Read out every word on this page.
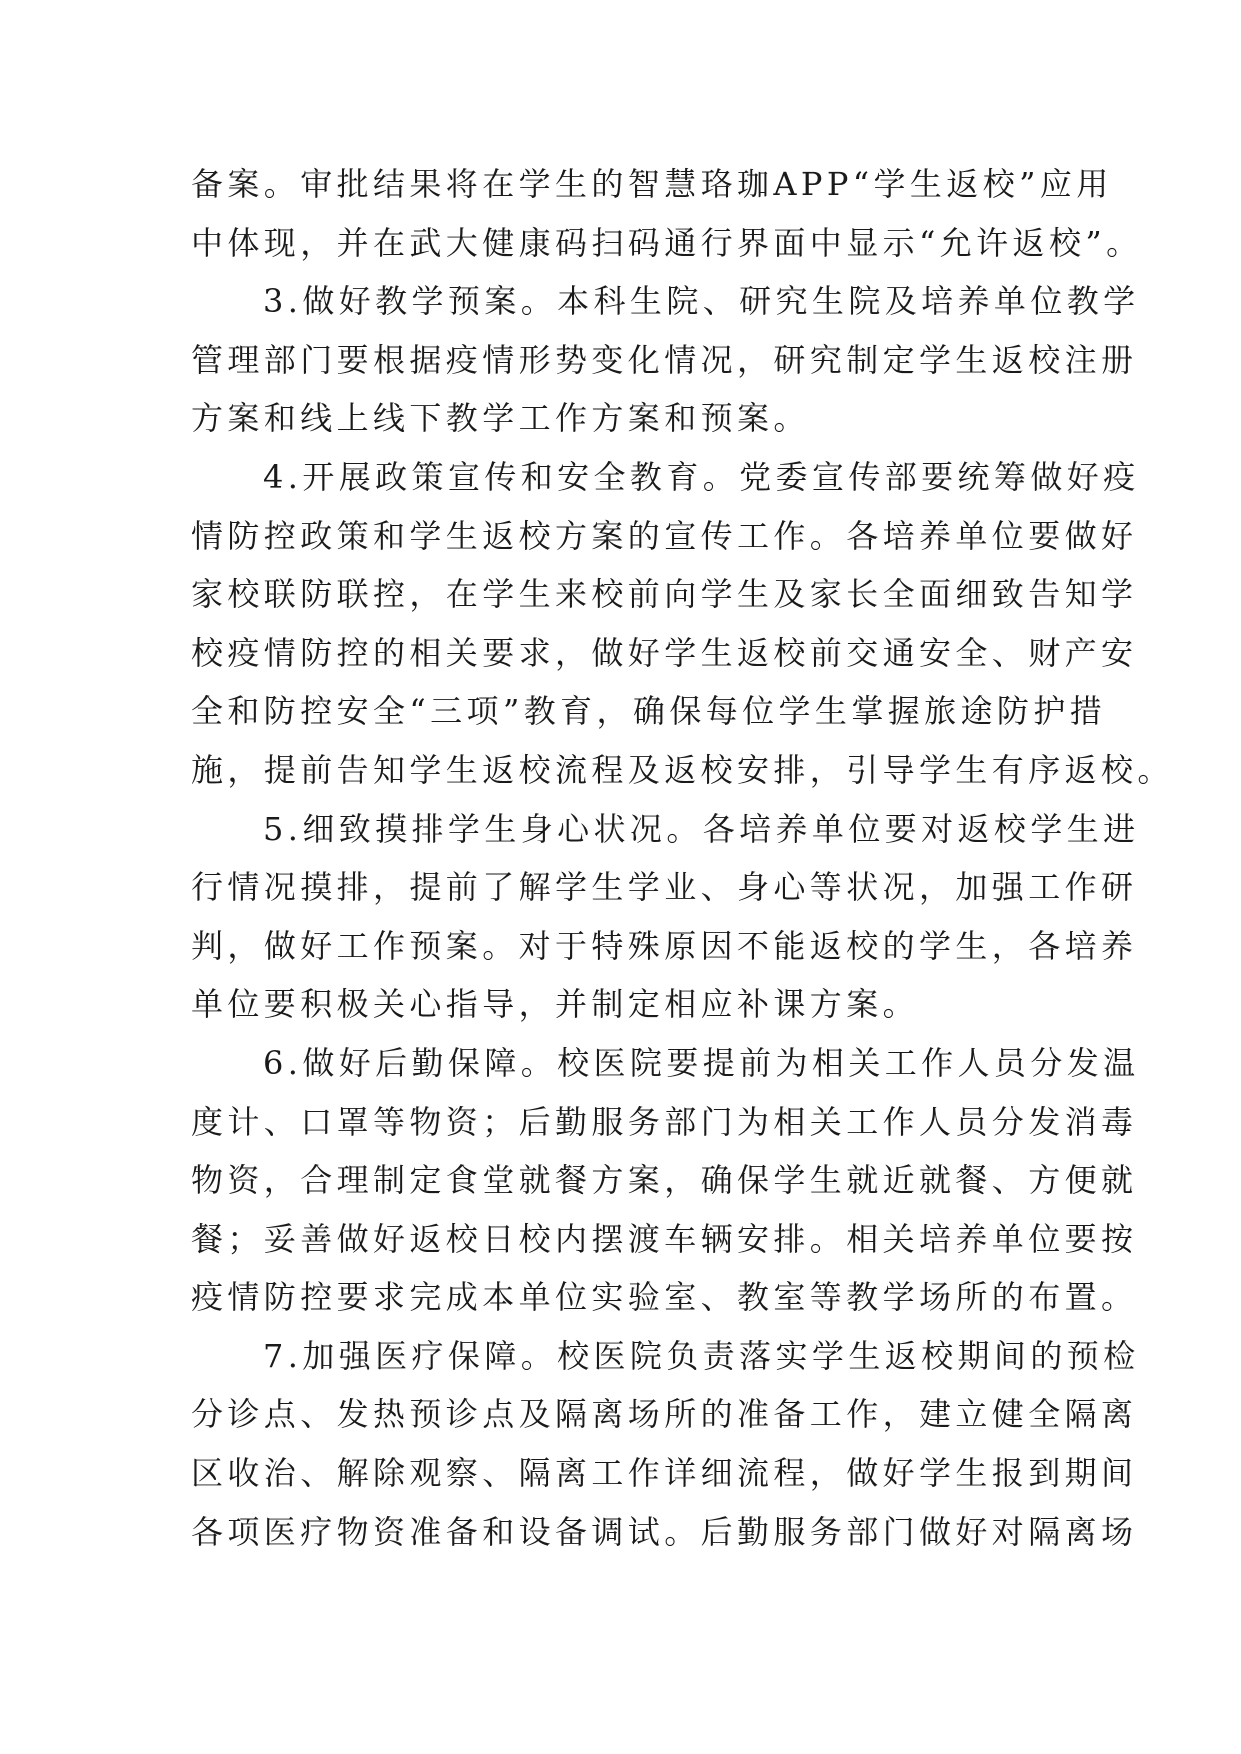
备案。审批结果将在学生的智慧珞珈APP“学生返校”应用
中体现，并在武大健康码扫码通行界面中显示“允许返校”。
3.做好教学预案。本科生院、研究生院及培养单位教学
管理部门要根据疫情形势变化情况，研究制定学生返校注册
方案和线上线下教学工作方案和预案。
4.开展政策宣传和安全教育。党委宣传部要统筹做好疫
情防控政策和学生返校方案的宣传工作。各培养单位要做好
家校联防联控，在学生来校前向学生及家长全面细致告知学
校疫情防控的相关要求，做好学生返校前交通安全、财产安
全和防控安全“三项”教育，确保每位学生掌握旅途防护措
施，提前告知学生返校流程及返校安排，引导学生有序返校。
5.细致摸排学生身心状况。各培养单位要对返校学生进
行情况摸排，提前了解学生学业、身心等状况，加强工作研
判，做好工作预案。对于特殊原因不能返校的学生，各培养
单位要积极关心指导，并制定相应补课方案。
6.做好后勤保障。校医院要提前为相关工作人员分发温
度计、口罩等物资；后勤服务部门为相关工作人员分发消毒
物资，合理制定食堂就餐方案，确保学生就近就餐、方便就
餐；妥善做好返校日校内摆渡车辆安排。相关培养单位要按
疫情防控要求完成本单位实验室、教室等教学场所的布置。
7.加强医疗保障。校医院负责落实学生返校期间的预检
分诊点、发热预诊点及隔离场所的准备工作，建立健全隔离
区收治、解除观察、隔离工作详细流程，做好学生报到期间
各项医疗物资准备和设备调试。后勤服务部门做好对隔离场
